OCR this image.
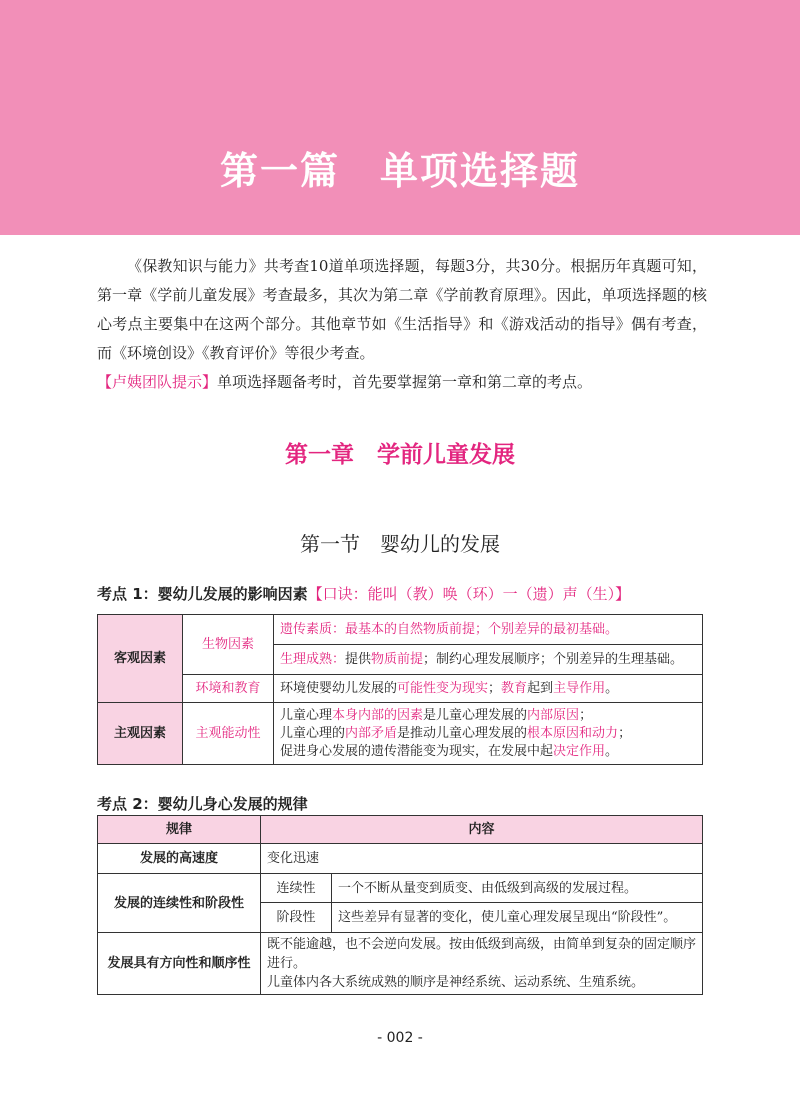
第一篇　单项选择题

《保教知识与能力》共考查10道单项选择题，每题3分，共30分。根据历年真题可知，第一章《学前儿童发展》考查最多，其次为第二章《学前教育原理》。因此，单项选择题的核心考点主要集中在这两个部分。其他章节如《生活指导》和《游戏活动的指导》偶有考查，而《环境创设》《教育评价》等很少考查。

【卢姨团队提示】单项选择题备考时，首先要掌握第一章和第二章的考点。

第一章　学前儿童发展
第一节　婴幼儿的发展
考点 1：婴幼儿发展的影响因素【口诀：能叫（教）唤（环）一（遗）声（生）】
客观因素	生物因素	遗传素质：最基本的自然物质前提；个别差异的最初基础。
		生理成熟：提供物质前提；制约心理发展顺序；个别差异的生理基础。
	环境和教育	环境使婴幼儿发展的可能性变为现实；教育起到主导作用。
主观因素	主观能动性	儿童心理本身内部的因素是儿童心理发展的内部原因；
儿童心理的内部矛盾是推动儿童心理发展的根本原因和动力；
促进身心发展的遗传潜能变为现实，在发展中起决定作用。
考点 2：婴幼儿身心发展的规律
规律	内容	
发展的高速度	变化迅速	
发展的连续性和阶段性	连续性	一个不断从量变到质变、由低级到高级的发展过程。
	阶段性	这些差异有显著的变化，使儿童心理发展呈现出“阶段性”。
发展具有方向性和顺序性	既不能逾越，也不会逆向发展。按由低级到高级，由简单到复杂的固定顺序进行。
儿童体内各大系统成熟的顺序是神经系统、运动系统、生殖系统。	
- 002 -
